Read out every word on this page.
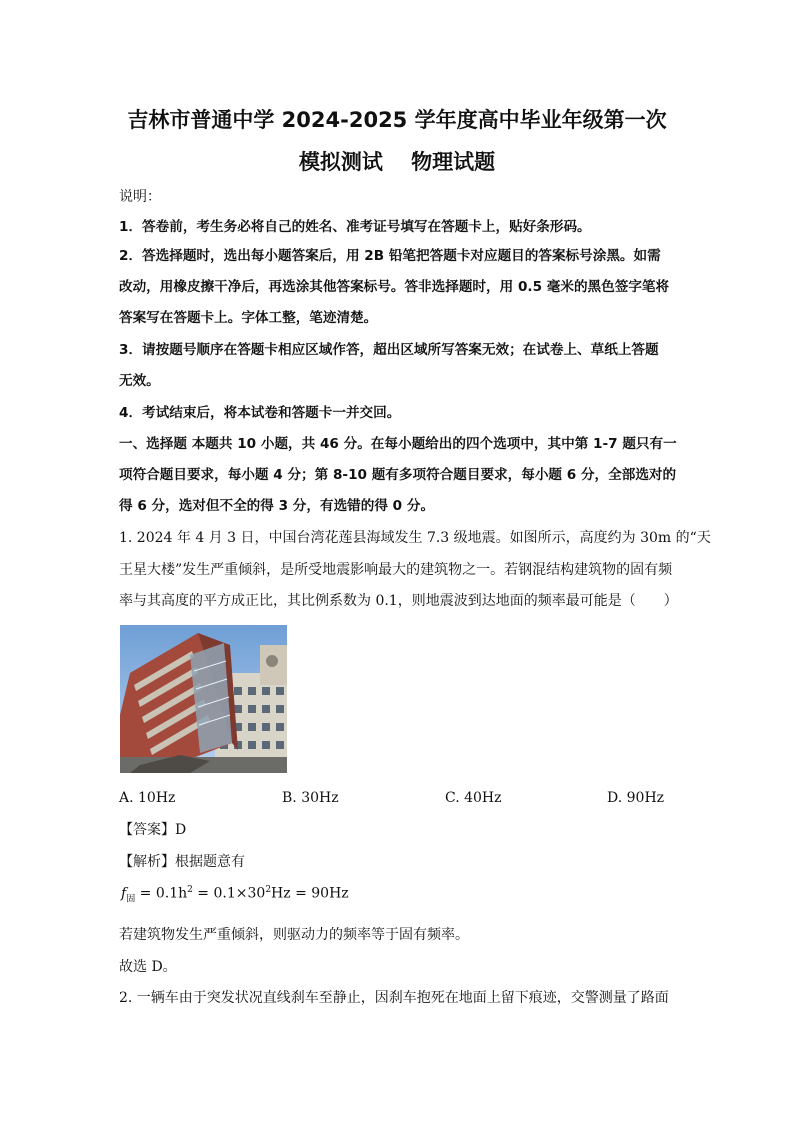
吉林市普通中学 2024-2025 学年度高中毕业年级第一次
模拟测试　 物理试题
说明：
1．答卷前，考生务必将自己的姓名、准考证号填写在答题卡上，贴好条形码。
2．答选择题时，选出每小题答案后，用 2B 铅笔把答题卡对应题目的答案标号涂黑。如需
改动，用橡皮擦干净后，再选涂其他答案标号。答非选择题时，用 0.5 毫米的黑色签字笔将
答案写在答题卡上。字体工整，笔迹清楚。
3．请按题号顺序在答题卡相应区域作答，超出区域所写答案无效；在试卷上、草纸上答题
无效。
4．考试结束后，将本试卷和答题卡一并交回。
一、选择题 本题共 10 小题，共 46 分。在每小题给出的四个选项中，其中第 1-7 题只有一
项符合题目要求，每小题 4 分；第 8-10 题有多项符合题目要求，每小题 6 分，全部选对的
得 6 分，选对但不全的得 3 分，有选错的得 0 分。
1. 2024 年 4 月 3 日，中国台湾花莲县海域发生 7.3 级地震。如图所示，高度约为 30m 的“天
王星大楼”发生严重倾斜，是所受地震影响最大的建筑物之一。若钢混结构建筑物的固有频
率与其高度的平方成正比，其比例系数为 0.1，则地震波到达地面的频率最可能是（　　）
A. 10Hz	B. 30Hz	C. 40Hz	D. 90Hz
【答案】D
【解析】根据题意有
$f_固 = 0.1h^2 = 0.1\times 30^2Hz = 90Hz$
若建筑物发生严重倾斜，则驱动力的频率等于固有频率。
故选 D。
2. 一辆车由于突发状况直线刹车至静止，因刹车抱死在地面上留下痕迹，交警测量了路面
